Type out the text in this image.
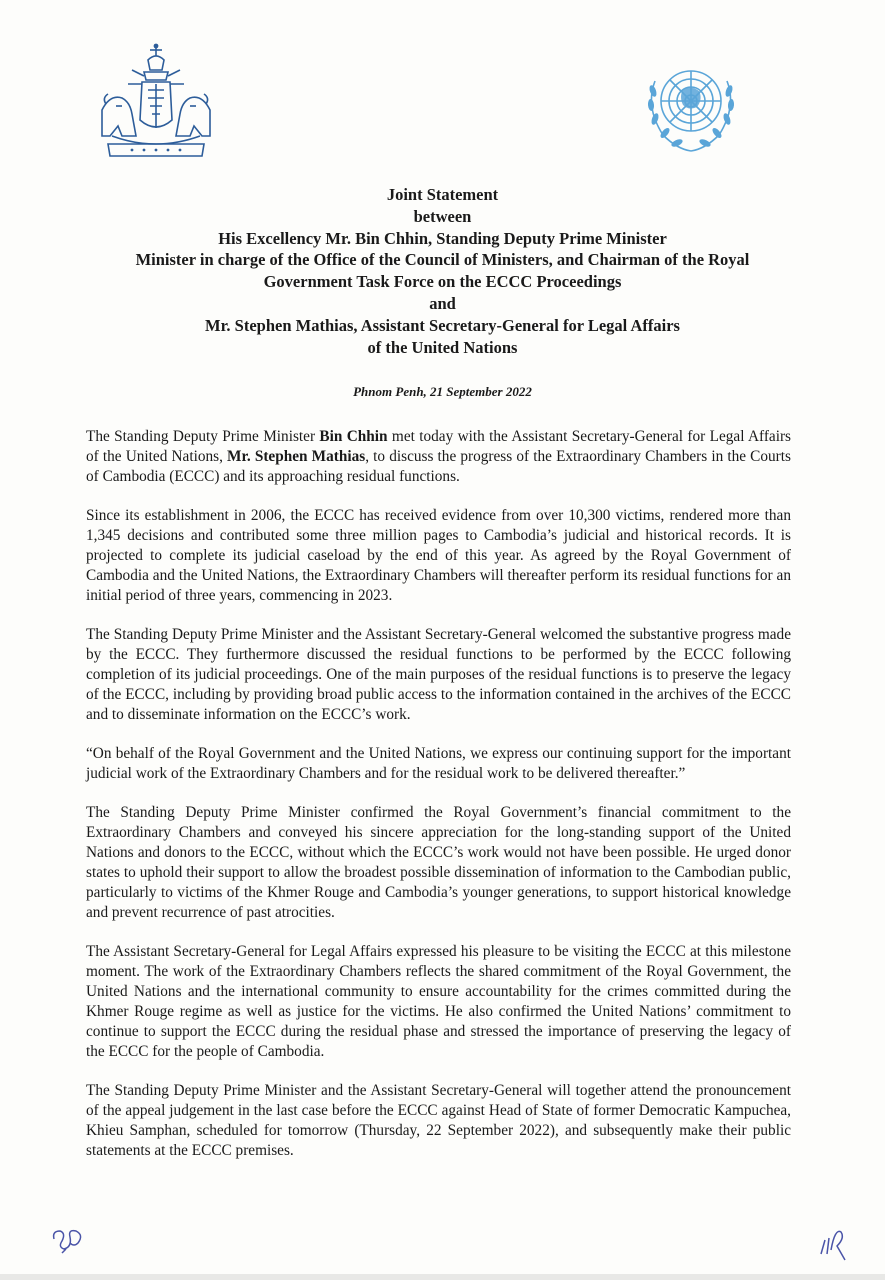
Joint Statement
between
His Excellency Mr. Bin Chhin, Standing Deputy Prime Minister
Minister in charge of the Office of the Council of Ministers, and Chairman of the Royal
Government Task Force on the ECCC Proceedings
and
Mr. Stephen Mathias, Assistant Secretary-General for Legal Affairs
of the United Nations
Phnom Penh, 21 September 2022

The Standing Deputy Prime Minister Bin Chhin met today with the Assistant Secretary-General for Legal Affairs of the United Nations, Mr. Stephen Mathias, to discuss the progress of the Extraordinary Chambers in the Courts of Cambodia (ECCC) and its approaching residual functions.

Since its establishment in 2006, the ECCC has received evidence from over 10,300 victims, rendered more than 1,345 decisions and contributed some three million pages to Cambodia’s judicial and historical records. It is projected to complete its judicial caseload by the end of this year. As agreed by the Royal Government of Cambodia and the United Nations, the Extraordinary Chambers will thereafter perform its residual functions for an initial period of three years, commencing in 2023.

The Standing Deputy Prime Minister and the Assistant Secretary-General welcomed the substantive progress made by the ECCC. They furthermore discussed the residual functions to be performed by the ECCC following completion of its judicial proceedings. One of the main purposes of the residual functions is to preserve the legacy of the ECCC, including by providing broad public access to the information contained in the archives of the ECCC and to disseminate information on the ECCC’s work.

“On behalf of the Royal Government and the United Nations, we express our continuing support for the important judicial work of the Extraordinary Chambers and for the residual work to be delivered thereafter.”

The Standing Deputy Prime Minister confirmed the Royal Government’s financial commitment to the Extraordinary Chambers and conveyed his sincere appreciation for the long-standing support of the United Nations and donors to the ECCC, without which the ECCC’s work would not have been possible. He urged donor states to uphold their support to allow the broadest possible dissemination of information to the Cambodian public, particularly to victims of the Khmer Rouge and Cambodia’s younger generations, to support historical knowledge and prevent recurrence of past atrocities.

The Assistant Secretary-General for Legal Affairs expressed his pleasure to be visiting the ECCC at this milestone moment. The work of the Extraordinary Chambers reflects the shared commitment of the Royal Government, the United Nations and the international community to ensure accountability for the crimes committed during the Khmer Rouge regime as well as justice for the victims. He also confirmed the United Nations’ commitment to continue to support the ECCC during the residual phase and stressed the importance of preserving the legacy of the ECCC for the people of Cambodia.

The Standing Deputy Prime Minister and the Assistant Secretary-General will together attend the pronouncement of the appeal judgement in the last case before the ECCC against Head of State of former Democratic Kampuchea, Khieu Samphan, scheduled for tomorrow (Thursday, 22 September 2022), and subsequently make their public statements at the ECCC premises.
